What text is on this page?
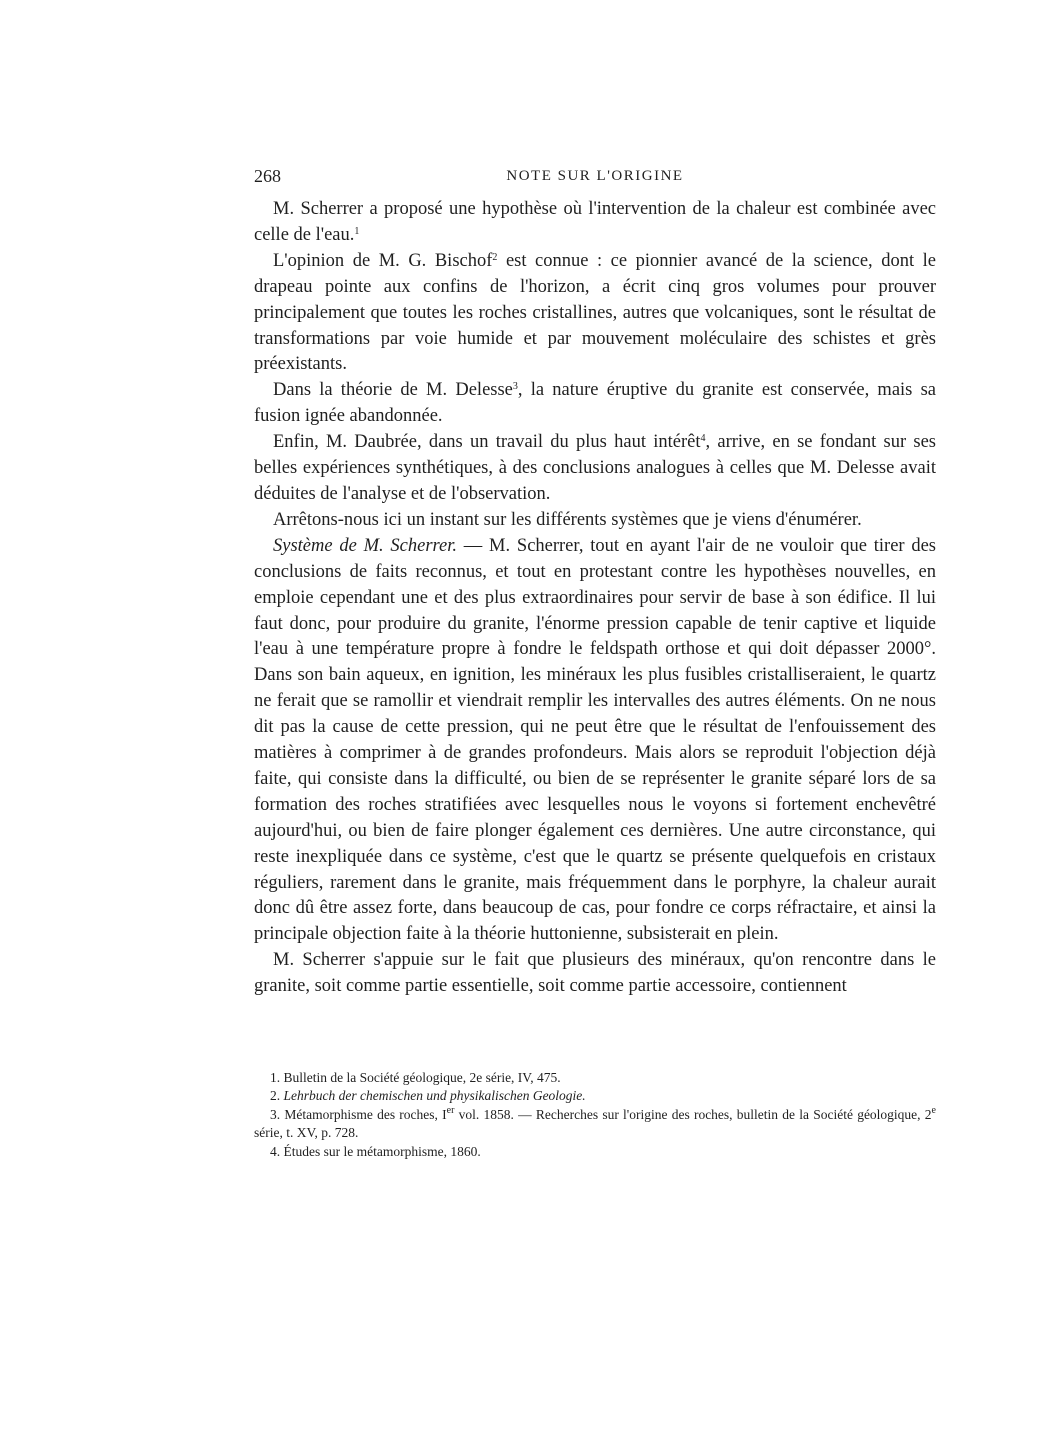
268	NOTE SUR L'ORIGINE

M. Scherrer a proposé une hypothèse où l'intervention de la chaleur est combinée avec celle de l'eau.$^1$

L'opinion de M. G. Bischof$^2$ est connue : ce pionnier avancé de la science, dont le drapeau pointe aux confins de l'horizon, a écrit cinq gros volumes pour prouver principalement que toutes les roches cristallines, autres que volcaniques, sont le résultat de transformations par voie humide et par mouvement moléculaire des schistes et grès préexistants.

Dans la théorie de M. Delesse$^3$, la nature éruptive du granite est conservée, mais sa fusion ignée abandonnée.

Enfin, M. Daubrée, dans un travail du plus haut intérêt$^4$, arrive, en se fondant sur ses belles expériences synthétiques, à des conclusions analogues à celles que M. Delesse avait déduites de l'analyse et de l'observation.

Arrêtons-nous ici un instant sur les différents systèmes que je viens d'énumérer.

Système de M. Scherrer. — M. Scherrer, tout en ayant l'air de ne vouloir que tirer des conclusions de faits reconnus, et tout en protestant contre les hypothèses nouvelles, en emploie cependant une et des plus extraordinaires pour servir de base à son édifice. Il lui faut donc, pour produire du granite, l'énorme pression capable de tenir captive et liquide l'eau à une température propre à fondre le feldspath orthose et qui doit dépasser 2000°. Dans son bain aqueux, en ignition, les minéraux les plus fusibles cristalliseraient, le quartz ne ferait que se ramollir et viendrait remplir les intervalles des autres éléments. On ne nous dit pas la cause de cette pression, qui ne peut être que le résultat de l'enfouissement des matières à comprimer à de grandes profondeurs. Mais alors se reproduit l'objection déjà faite, qui consiste dans la difficulté, ou bien de se représenter le granite séparé lors de sa formation des roches stratifiées avec lesquelles nous le voyons si fortement enchevêtré aujourd'hui, ou bien de faire plonger également ces dernières. Une autre circonstance, qui reste inexpliquée dans ce système, c'est que le quartz se présente quelquefois en cristaux réguliers, rarement dans le granite, mais fréquemment dans le porphyre, la chaleur aurait donc dû être assez forte, dans beaucoup de cas, pour fondre ce corps réfractaire, et ainsi la principale objection faite à la théorie huttonienne, subsisterait en plein.

M. Scherrer s'appuie sur le fait que plusieurs des minéraux, qu'on rencontre dans le granite, soit comme partie essentielle, soit comme partie accessoire, contiennent

1. Bulletin de la Société géologique, 2e série, IV, 475.

2. Lehrbuch der chemischen und physikalischen Geologie.

3. Métamorphisme des roches, Ier vol. 1858. — Recherches sur l'origine des roches, bulletin de la Société géologique, 2e série, t. XV, p. 728.

4. Études sur le métamorphisme, 1860.
